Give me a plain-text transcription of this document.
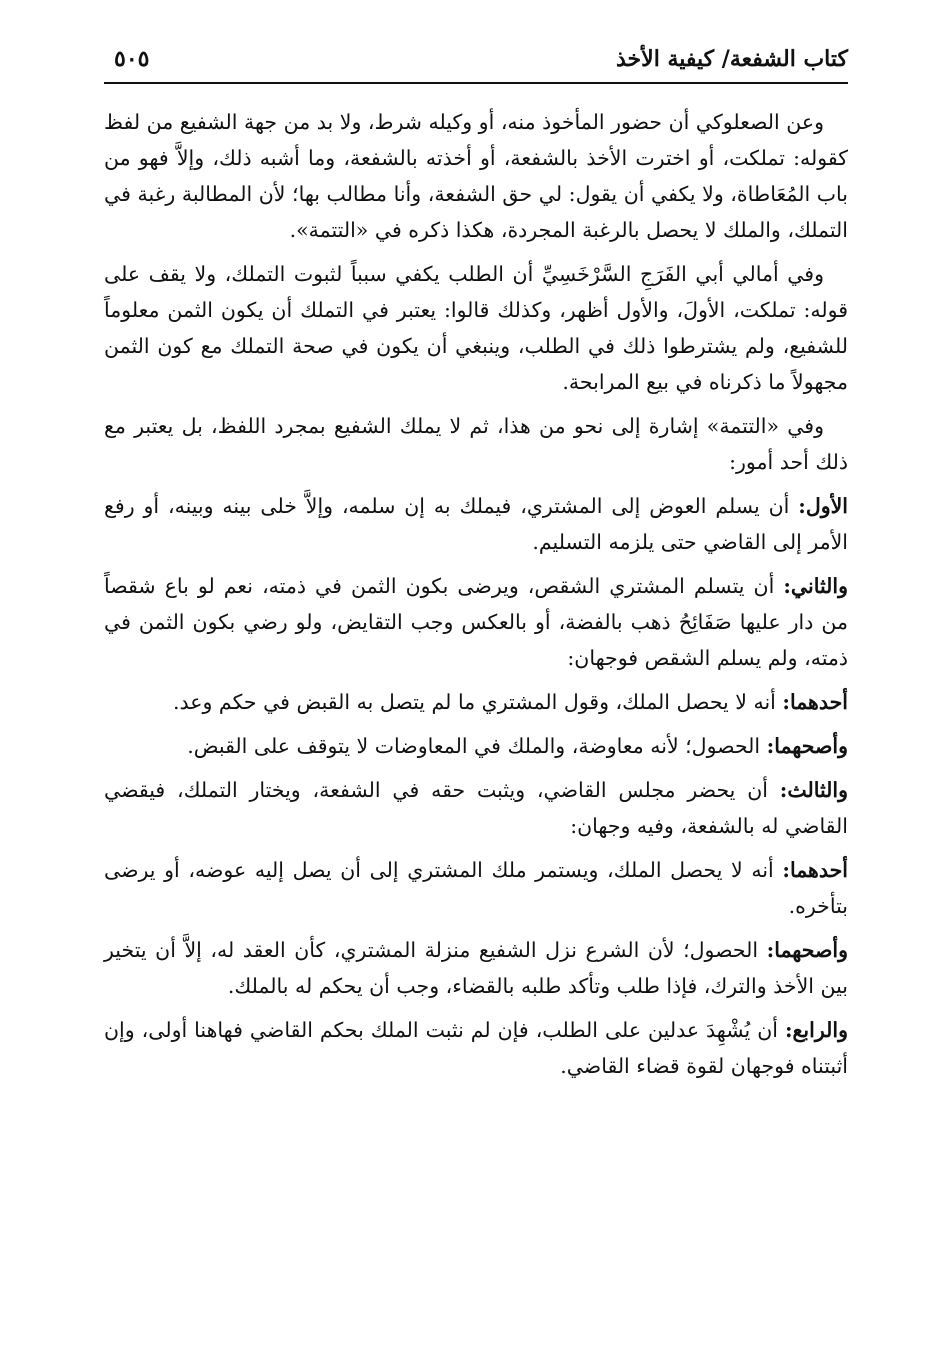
كتاب الشفعة/ كيفية الأخذ
٥٠٥

وعن الصعلوكي أن حضور المأخوذ منه، أو وكيله شرط، ولا بد من جهة الشفيع من لفظ كقوله: تملكت، أو اخترت الأخذ بالشفعة، أو أخذته بالشفعة، وما أشبه ذلك، وإلاَّ فهو من باب المُعَاطاة، ولا يكفي أن يقول: لي حق الشفعة، وأنا مطالب بها؛ لأن المطالبة رغبة في التملك، والملك لا يحصل بالرغبة المجردة، هكذا ذكره في «التتمة».

وفي أمالي أبي الفَرَجِ السَّرْخَسِيِّ أن الطلب يكفي سبباً لثبوت التملك، ولا يقف على قوله: تملكت، الأولَ، والأول أظهر، وكذلك قالوا: يعتبر في التملك أن يكون الثمن معلوماً للشفيع، ولم يشترطوا ذلك في الطلب، وينبغي أن يكون في صحة التملك مع كون الثمن مجهولاً ما ذكرناه في بيع المرابحة.

وفي «التتمة» إشارة إلى نحو من هذا، ثم لا يملك الشفيع بمجرد اللفظ، بل يعتبر مع ذلك أحد أمور:

الأول: أن يسلم العوض إلى المشتري، فيملك به إن سلمه، وإلاَّ خلى بينه وبينه، أو رفع الأمر إلى القاضي حتى يلزمه التسليم.

والثاني: أن يتسلم المشتري الشقص، ويرضى بكون الثمن في ذمته، نعم لو باع شقصاً من دار عليها صَفَائِحُ ذهب بالفضة، أو بالعكس وجب التقايض، ولو رضي بكون الثمن في ذمته، ولم يسلم الشقص فوجهان:

أحدهما: أنه لا يحصل الملك، وقول المشتري ما لم يتصل به القبض في حكم وعد.

وأصحهما: الحصول؛ لأنه معاوضة، والملك في المعاوضات لا يتوقف على القبض.

والثالث: أن يحضر مجلس القاضي، ويثبت حقه في الشفعة، ويختار التملك، فيقضي القاضي له بالشفعة، وفيه وجهان:

أحدهما: أنه لا يحصل الملك، ويستمر ملك المشتري إلى أن يصل إليه عوضه، أو يرضى بتأخره.

وأصحهما: الحصول؛ لأن الشرع نزل الشفيع منزلة المشتري، كأن العقد له، إلاَّ أن يتخير بين الأخذ والترك، فإذا طلب وتأكد طلبه بالقضاء، وجب أن يحكم له بالملك.

والرابع: أن يُشْهِدَ عدلين على الطلب، فإن لم نثبت الملك بحكم القاضي فهاهنا أولى، وإن أثبتناه فوجهان لقوة قضاء القاضي.
